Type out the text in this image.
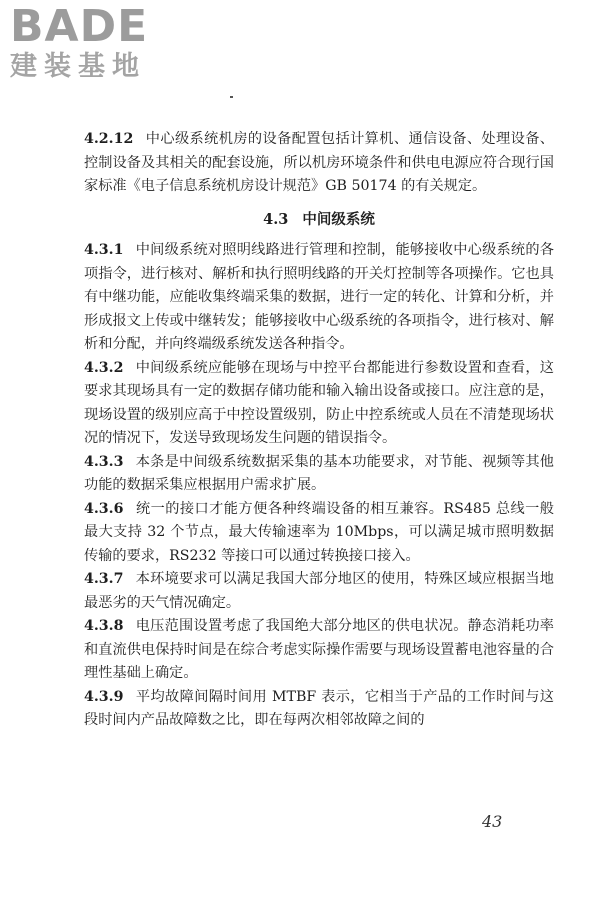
BADE
建装基地

4.2.12 中心级系统机房的设备配置包括计算机、通信设备、处理设备、控制设备及其相关的配套设施，所以机房环境条件和供电电源应符合现行国家标准《电子信息系统机房设计规范》GB 50174 的有关规定。

4.3 中间级系统

4.3.1 中间级系统对照明线路进行管理和控制，能够接收中心级系统的各项指令，进行核对、解析和执行照明线路的开关灯控制等各项操作。它也具有中继功能，应能收集终端采集的数据，进行一定的转化、计算和分析，并形成报文上传或中继转发；能够接收中心级系统的各项指令，进行核对、解析和分配，并向终端级系统发送各种指令。

4.3.2 中间级系统应能够在现场与中控平台都能进行参数设置和查看，这要求其现场具有一定的数据存储功能和输入输出设备或接口。应注意的是，现场设置的级别应高于中控设置级别，防止中控系统或人员在不清楚现场状况的情况下，发送导致现场发生问题的错误指令。

4.3.3 本条是中间级系统数据采集的基本功能要求，对节能、视频等其他功能的数据采集应根据用户需求扩展。

4.3.6 统一的接口才能方便各种终端设备的相互兼容。RS485 总线一般最大支持 32 个节点，最大传输速率为 10Mbps，可以满足城市照明数据传输的要求，RS232 等接口可以通过转换接口接入。

4.3.7 本环境要求可以满足我国大部分地区的使用，特殊区域应根据当地最恶劣的天气情况确定。

4.3.8 电压范围设置考虑了我国绝大部分地区的供电状况。静态消耗功率和直流供电保持时间是在综合考虑实际操作需要与现场设置蓄电池容量的合理性基础上确定。

4.3.9 平均故障间隔时间用 MTBF 表示，它相当于产品的工作时间与这段时间内产品故障数之比，即在每两次相邻故障之间的

43
